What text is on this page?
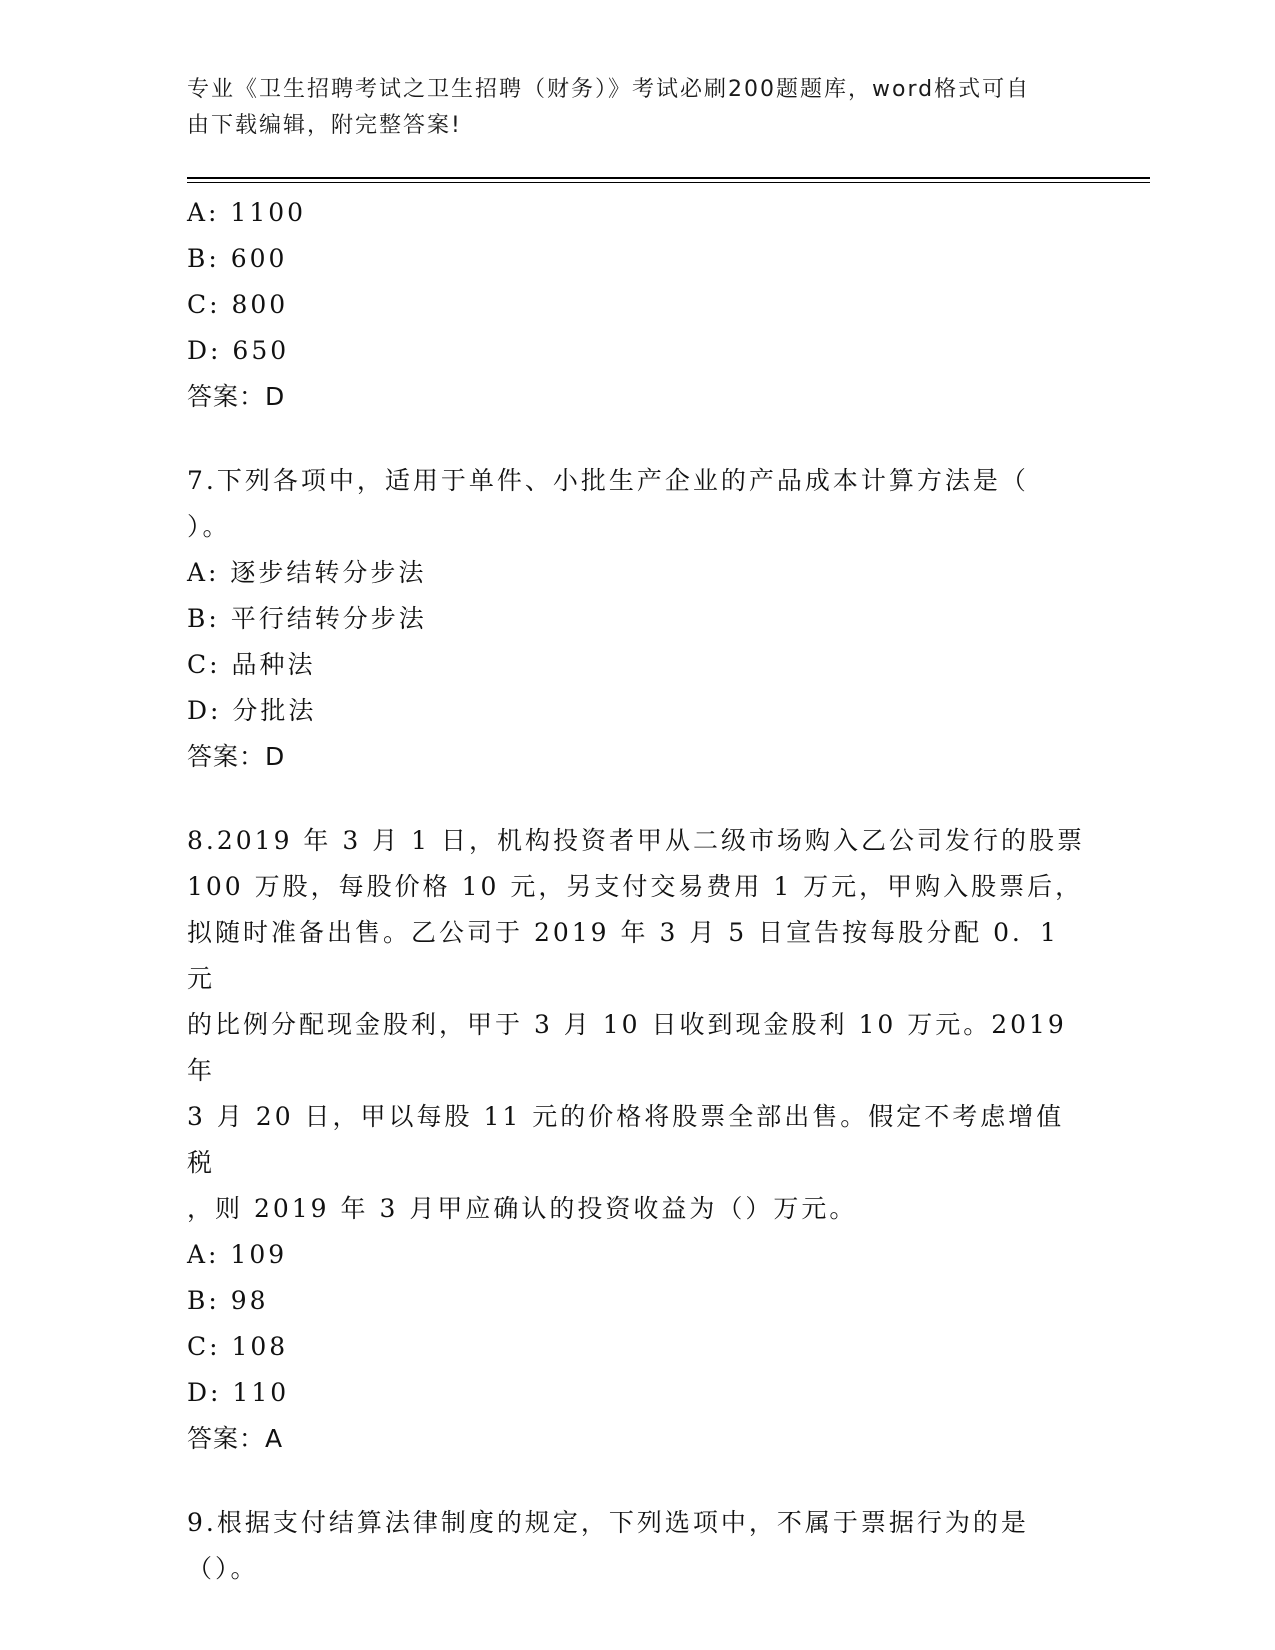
专业《卫生招聘考试之卫生招聘（财务）》考试必刷200题题库，word格式可自
由下载编辑，附完整答案!
A: 1100
B: 600
C: 800
D: 650
答案：D
7.下列各项中，适用于单件、小批生产企业的产品成本计算方法是（
）。
A: 逐步结转分步法
B: 平行结转分步法
C: 品种法
D: 分批法
答案：D
8.2019 年 3 月 1 日，机构投资者甲从二级市场购入乙公司发行的股票
100 万股，每股价格 10 元，另支付交易费用 1 万元，甲购入股票后，
拟随时准备出售。乙公司于 2019 年 3 月 5 日宣告按每股分配 0．1 元
的比例分配现金股利，甲于 3 月 10 日收到现金股利 10 万元。2019 年
3 月 20 日，甲以每股 11 元的价格将股票全部出售。假定不考虑增值税
，则 2019 年 3 月甲应确认的投资收益为（）万元。
A: 109
B: 98
C: 108
D: 110
答案：A
9.根据支付结算法律制度的规定，下列选项中，不属于票据行为的是
（）。
